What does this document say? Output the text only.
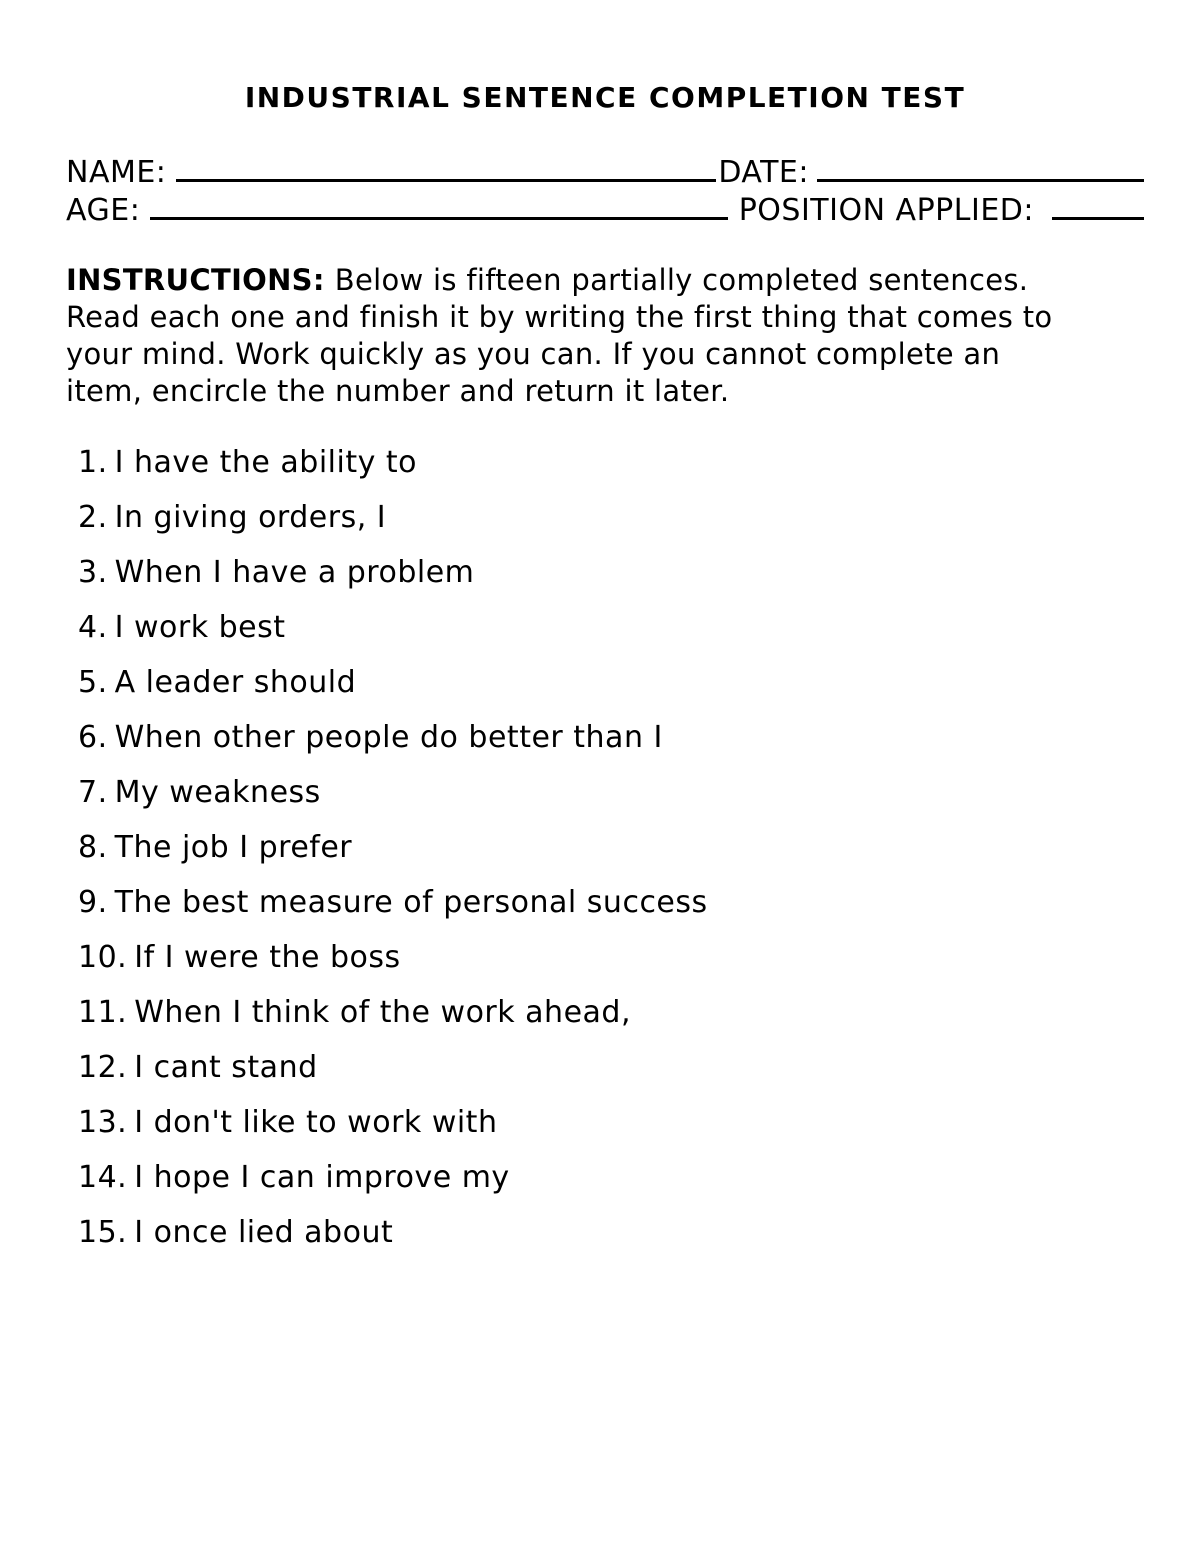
INDUSTRIAL SENTENCE COMPLETION TEST
NAME:	DATE:
AGE:	POSITION APPLIED:
INSTRUCTIONS: Below is fifteen partially completed sentences.
Read each one and finish it by writing the first thing that comes to
your mind. Work quickly as you can. If you cannot complete an
item, encircle the number and return it later.
1. I have the ability to
2. In giving orders, I
3. When I have a problem
4. I work best
5. A leader should
6. When other people do better than I
7. My weakness
8. The job I prefer
9. The best measure of personal success
10. If I were the boss
11. When I think of the work ahead,
12. I cant stand
13. I don't like to work with
14. I hope I can improve my
15. I once lied about
